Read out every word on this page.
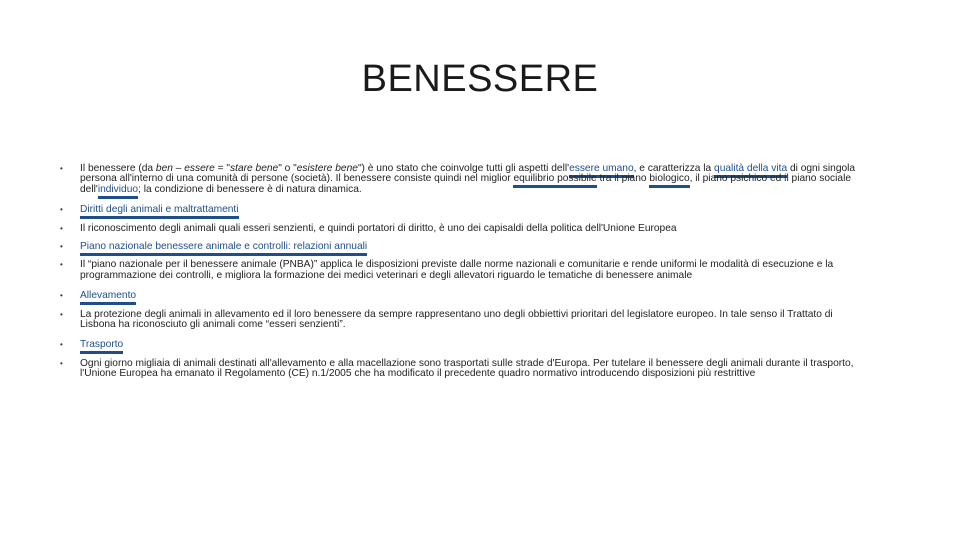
BENESSERE
• Il benessere (da ben – essere = "stare bene" o "esistere bene") è uno stato che coinvolge tutti gli aspetti dell'essere umano, e caratterizza la qualità della vita di ogni singola persona all'interno di una comunità di persone (società). Il benessere consiste quindi nel miglior equilibrio possibile tra il piano biologico, il piano psichico ed il piano sociale dell'individuo; la condizione di benessere è di natura dinamica.
• Diritti degli animali e maltrattamenti
• Il riconoscimento degli animali quali esseri senzienti, e quindi portatori di diritto, è uno dei capisaldi della politica dell'Unione Europea
• Piano nazionale benessere animale e controlli: relazioni annuali
• Il “piano nazionale per il benessere animale (PNBA)” applica le disposizioni previste dalle norme nazionali e comunitarie e rende uniformi le modalità di esecuzione e la programmazione dei controlli, e migliora la formazione dei medici veterinari e degli allevatori riguardo le tematiche di benessere animale
• Allevamento
• La protezione degli animali in allevamento ed il loro benessere da sempre rappresentano uno degli obbiettivi prioritari del legislatore europeo. In tale senso il Trattato di Lisbona ha riconosciuto gli animali come “esseri senzienti”.
• Trasporto
• Ogni giorno migliaia di animali destinati all'allevamento e alla macellazione sono trasportati sulle strade d'Europa. Per tutelare il benessere degli animali durante il trasporto, l'Unione Europea ha emanato il Regolamento (CE) n.1/2005 che ha modificato il precedente quadro normativo introducendo disposizioni più restrittive
